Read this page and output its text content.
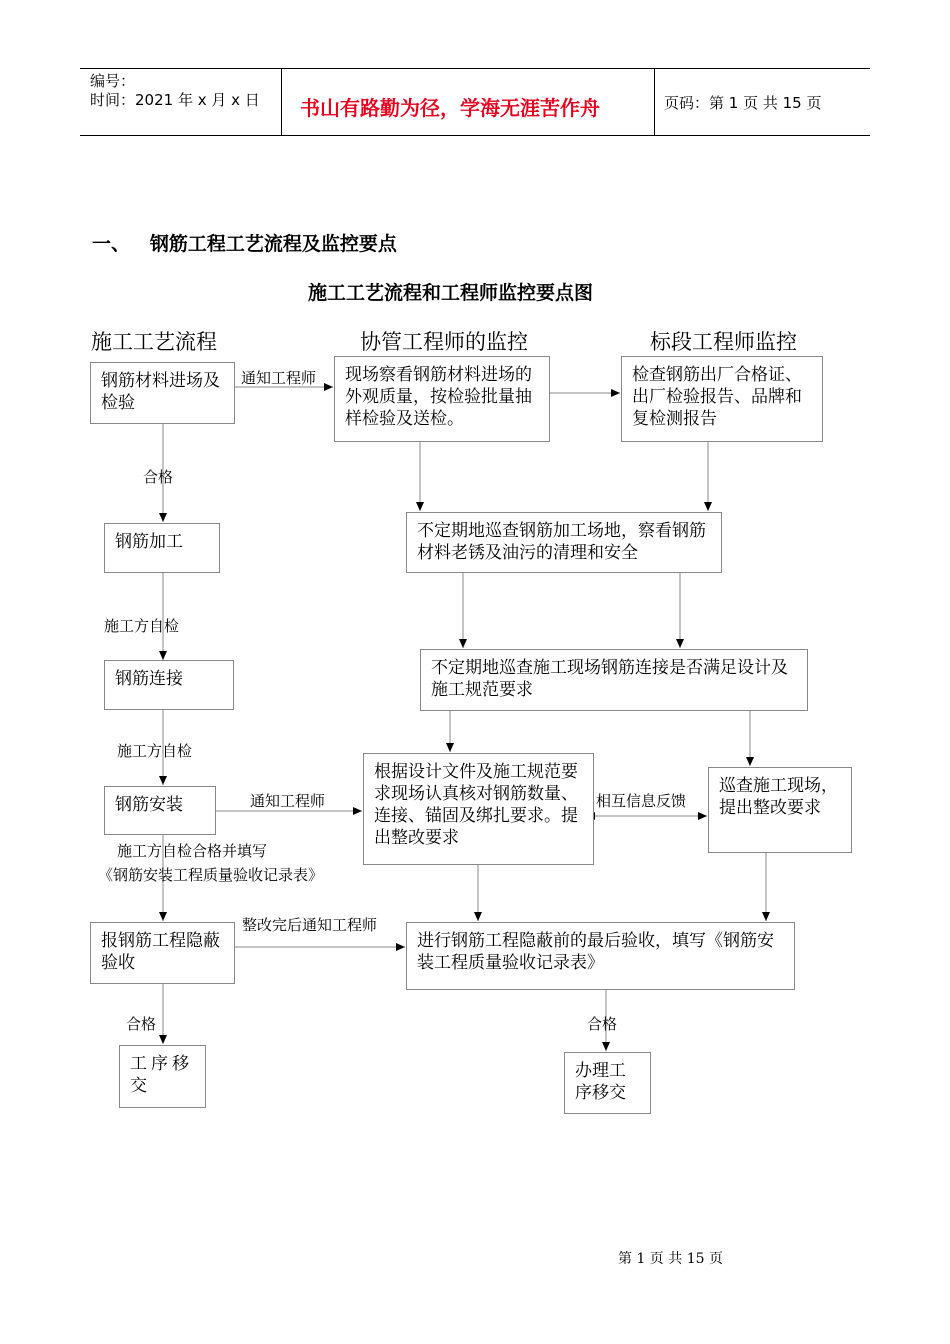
编号：
时间：2021 年 x 月 x 日 书山有路勤为径，学海无涯苦作舟	页码：第 1 页 共 15 页
一、   钢筋工程工艺流程及监控要点
施工工艺流程和工程师监控要点图
施工工艺流程	协管工程师的监控	标段工程师监控
钢筋材料进场及检验
现场察看钢筋材料进场的外观质量，按检验批量抽样检验及送检。
检查钢筋出厂合格证、出厂检验报告、品牌和复检测报告
钢筋加工
不定期地巡查钢筋加工场地，察看钢筋材料老锈及油污的清理和安全
钢筋连接
不定期地巡查施工现场钢筋连接是否满足设计及施工规范要求
钢筋安装
根据设计文件及施工规范要求现场认真核对钢筋数量、连接、锚固及绑扎要求。提出整改要求
巡查施工现场，提出整改要求
报钢筋工程隐蔽验收
进行钢筋工程隐蔽前的最后验收，填写《钢筋安装工程质量验收记录表》
工序移交
办理工序移交
通知工程师
合格
施工方自检
施工方自检
通知工程师	相互信息反馈
施工方自检合格并填写
《钢筋安装工程质量验收记录表》
整改完后通知工程师
合格	合格
第 1 页 共 15 页
